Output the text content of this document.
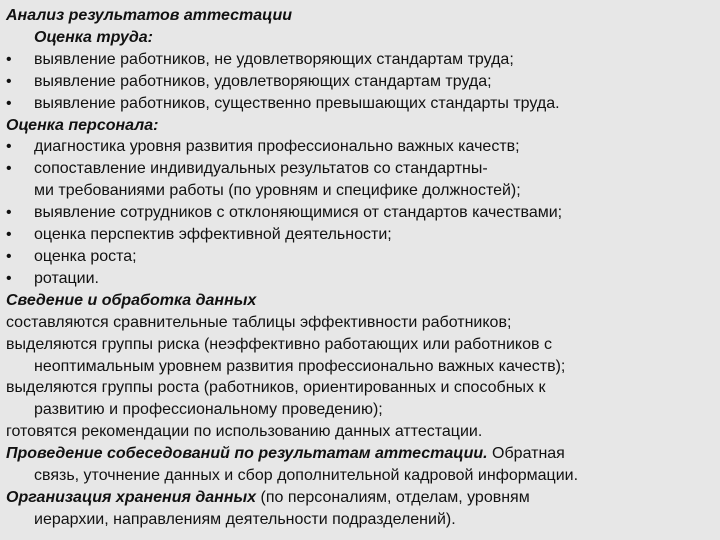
Анализ результатов аттестации
Оценка труда:
•	выявление работников, не удовлетворяющих стандартам труда;
•	выявление работников, удовлетворяющих стандартам труда;
•	выявление работников, существенно превышающих стандарты труда.
Оценка персонала:
•	диагностика уровня развития профессионально важных качеств;
•	сопоставление индивидуальных результатов со стандартны-
ми требованиями работы (по уровням и специфике должностей);
•	выявление сотрудников с отклоняющимися от стандартов качествами;
•	оценка перспектив эффективной деятельности;
•	оценка роста;
•	ротации.
Сведение и обработка данных
составляются сравнительные таблицы эффективности работников;
выделяются группы риска (неэффективно работающих или работников с
неоптимальным уровнем развития профессионально важных качеств);
выделяются группы роста (работников, ориентированных и способных к
развитию и профессиональному проведению);
готовятся рекомендации по использованию данных аттестации.
Проведение собеседований по результатам аттестации. Обратная
связь, уточнение данных и сбор дополнительной кадровой информации.
Организация хранения данных (по персоналиям, отделам, уровням
иерархии, направлениям деятельности подразделений).
